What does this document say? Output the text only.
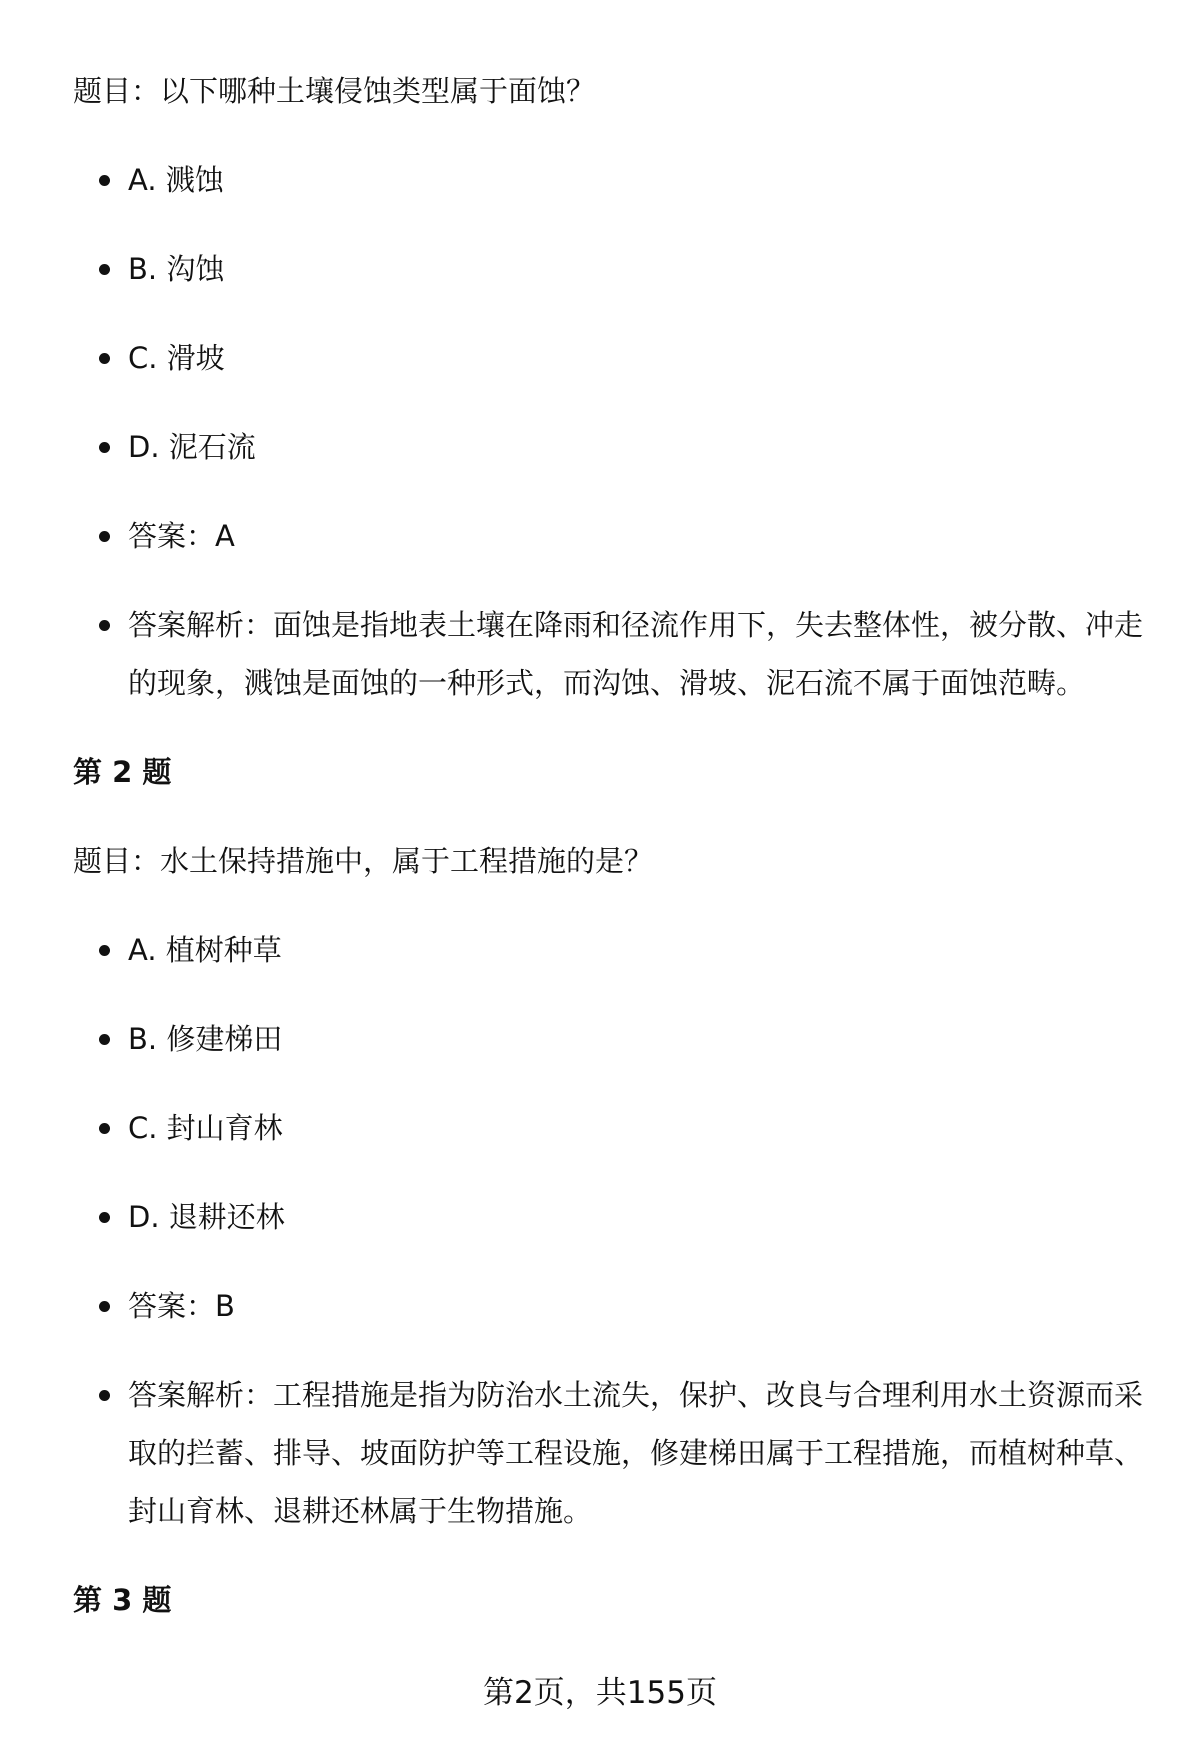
题目：以下哪种土壤侵蚀类型属于面蚀？

A. 溅蚀
B. 沟蚀
C. 滑坡
D. 泥石流
答案：A
答案解析：面蚀是指地表土壤在降雨和径流作用下，失去整体性，被分散、冲走的现象，溅蚀是面蚀的一种形式，而沟蚀、滑坡、泥石流不属于面蚀范畴。
第 2 题

题目：水土保持措施中，属于工程措施的是？

A. 植树种草
B. 修建梯田
C. 封山育林
D. 退耕还林
答案：B
答案解析：工程措施是指为防治水土流失，保护、改良与合理利用水土资源而采取的拦蓄、排导、坡面防护等工程设施，修建梯田属于工程措施，而植树种草、封山育林、退耕还林属于生物措施。
第 3 题
第2页，共155页
